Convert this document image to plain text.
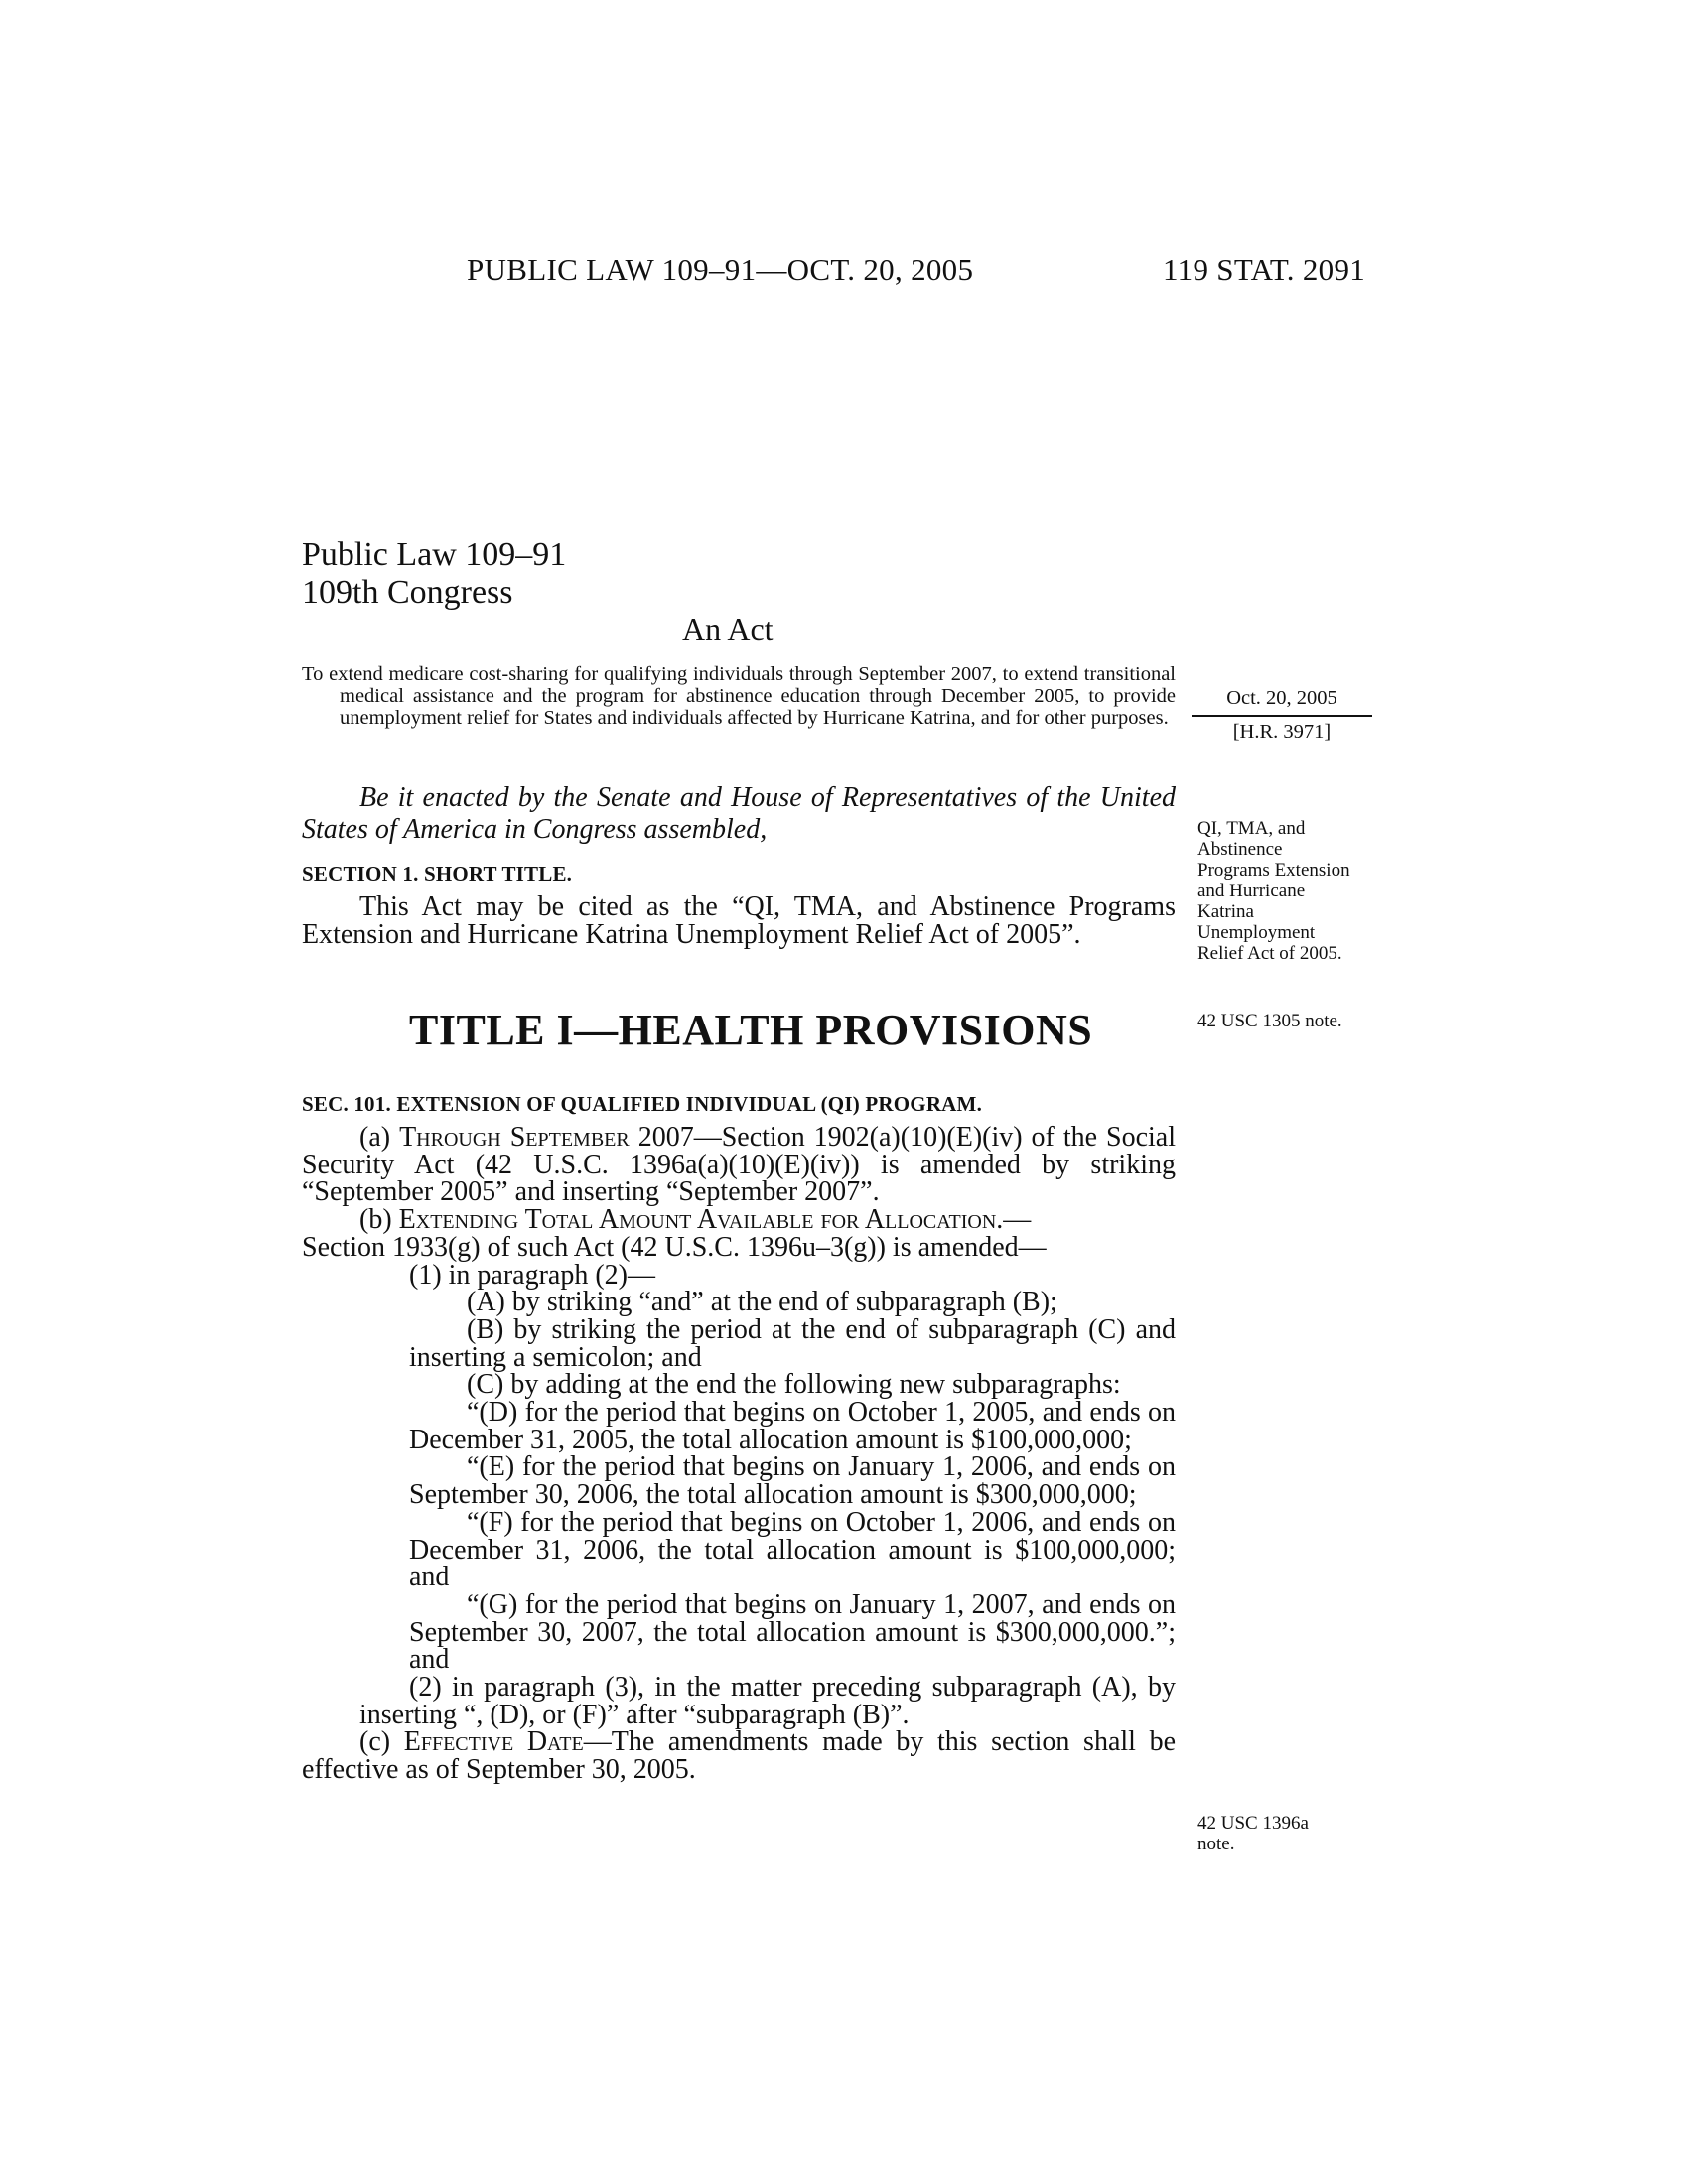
PUBLIC LAW 109–91—OCT. 20, 2005	119 STAT. 2091
Public Law 109–91
109th Congress
An Act

To extend medicare cost-sharing for qualifying individuals through September 2007, to extend transitional medical assistance and the program for abstinence education through December 2005, to provide unemployment relief for States and individuals affected by Hurricane Katrina, and for other purposes.

Oct. 20, 2005
[H.R. 3971]
Be it enacted by the Senate and House of Representatives of the United States of America in Congress assembled,	QI, TMA, and Abstinence Programs Extension and Hurricane Katrina Unemployment Relief Act of 2005.
42 USC 1305 note.
SECTION 1. SHORT TITLE.

This Act may be cited as the “QI, TMA, and Abstinence Programs Extension and Hurricane Katrina Unemployment Relief Act of 2005”.

TITLE I—HEALTH PROVISIONS
SEC. 101. EXTENSION OF QUALIFIED INDIVIDUAL (QI) PROGRAM.

(a) Through September 2007—Section 1902(a)(10)(E)(iv) of the Social Security Act (42 U.S.C. 1396a(a)(10)(E)(iv)) is amended by striking “September 2005” and inserting “September 2007”.

(b) Extending Total Amount Available for Allocation.—

Section 1933(g) of such Act (42 U.S.C. 1396u–3(g)) is amended—

(1) in paragraph (2)—

(A) by striking “and” at the end of subparagraph (B);

(B) by striking the period at the end of subparagraph (C) and inserting a semicolon; and

(C) by adding at the end the following new subparagraphs:

“(D) for the period that begins on October 1, 2005, and ends on December 31, 2005, the total allocation amount is $100,000,000;

“(E) for the period that begins on January 1, 2006, and ends on September 30, 2006, the total allocation amount is $300,000,000;

“(F) for the period that begins on October 1, 2006, and ends on December 31, 2006, the total allocation amount is $100,000,000; and

“(G) for the period that begins on January 1, 2007, and ends on September 30, 2007, the total allocation amount is $300,000,000.”; and

(2) in paragraph (3), in the matter preceding subparagraph (A), by inserting “, (D), or (F)” after “subparagraph (B)”.

(c) Effective Date—The amendments made by this section shall be effective as of September 30, 2005.

42 USC 1396a note.
